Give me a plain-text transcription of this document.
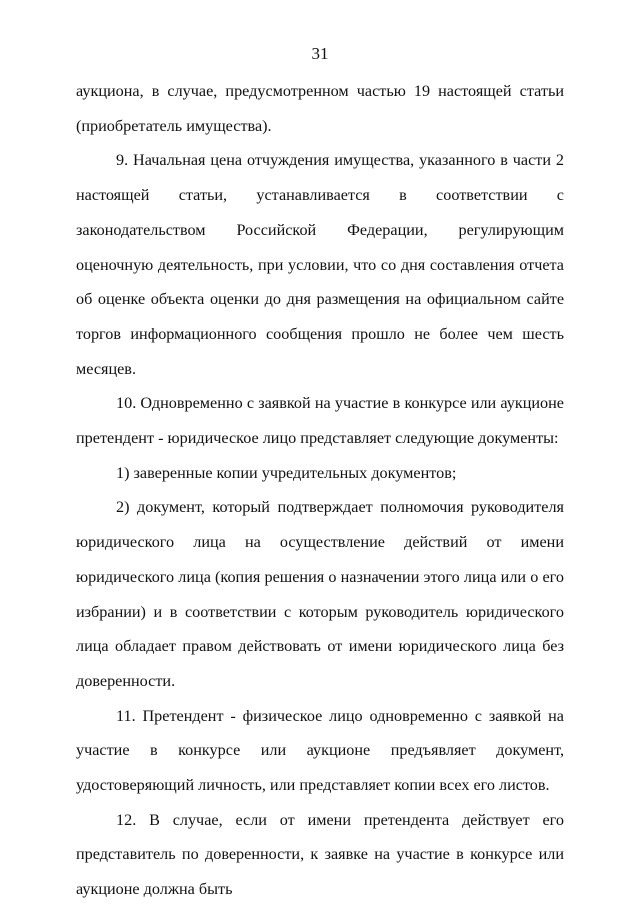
31

аукциона, в случае, предусмотренном частью 19 настоящей статьи (приобретатель имущества).

9. Начальная цена отчуждения имущества, указанного в части 2 настоящей статьи, устанавливается в соответствии с законодательством Российской Федерации, регулирующим оценочную деятельность, при условии, что со дня составления отчета об оценке объекта оценки до дня размещения на официальном сайте торгов информационного сообщения прошло не более чем шесть месяцев.

10. Одновременно с заявкой на участие в конкурсе или аукционе претендент - юридическое лицо представляет следующие документы:

1) заверенные копии учредительных документов;

2) документ, который подтверждает полномочия руководителя юридического лица на осуществление действий от имени юридического лица (копия решения о назначении этого лица или о его избрании) и в соответствии с которым руководитель юридического лица обладает правом действовать от имени юридического лица без доверенности.

11. Претендент - физическое лицо одновременно с заявкой на участие в конкурсе или аукционе предъявляет документ, удостоверяющий личность, или представляет копии всех его листов.

12. В случае, если от имени претендента действует его представитель по доверенности, к заявке на участие в конкурсе или аукционе должна быть
